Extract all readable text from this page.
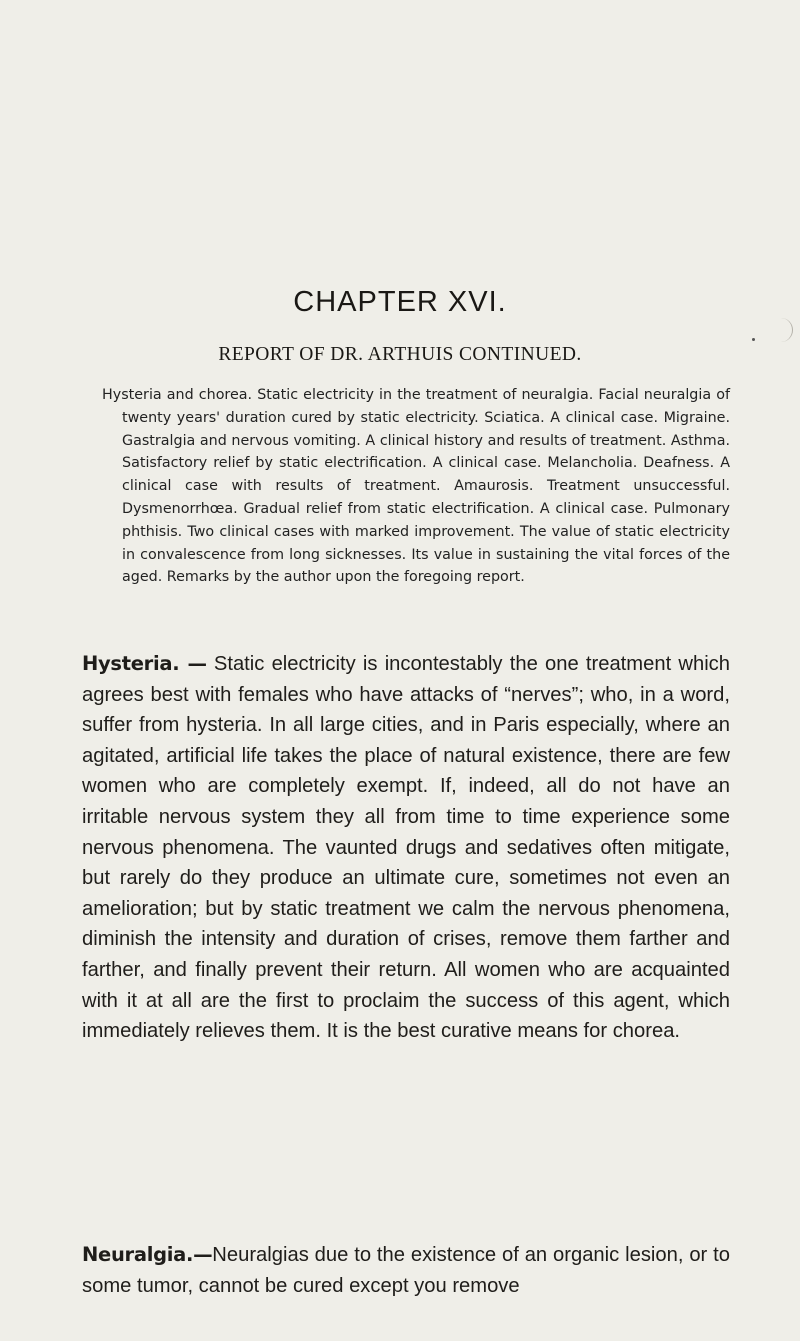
CHAPTER XVI.
REPORT OF DR. ARTHUIS CONTINUED.

Hysteria and chorea. Static electricity in the treatment of neuralgia. Facial neuralgia of twenty years' duration cured by static electricity. Sciatica. A clinical case. Migraine. Gastralgia and nervous vomiting. A clinical history and results of treatment. Asthma. Satisfactory relief by static electrification. A clinical case. Melancholia. Deafness. A clinical case with results of treatment. Amaurosis. Treatment unsuccessful. Dysmenorrhœa. Gradual relief from static electrification. A clinical case. Pulmonary phthisis. Two clinical cases with marked improvement. The value of static electricity in convalescence from long sicknesses. Its value in sustaining the vital forces of the aged. Remarks by the author upon the foregoing report.

Hysteria. — Static electricity is incontestably the one treatment which agrees best with females who have attacks of “nerves”; who, in a word, suffer from hysteria. In all large cities, and in Paris especially, where an agitated, artificial life takes the place of natural existence, there are few women who are completely exempt. If, indeed, all do not have an irritable nervous system they all from time to time experience some nervous phenomena. The vaunted drugs and sedatives often mitigate, but rarely do they produce an ultimate cure, sometimes not even an amelioration; but by static treatment we calm the nervous phenomena, diminish the intensity and duration of crises, remove them farther and farther, and finally prevent their return. All women who are acquainted with it at all are the first to proclaim the success of this agent, which immediately relieves them. It is the best curative means for chorea.

Neuralgia.—Neuralgias due to the existence of an organic lesion, or to some tumor, cannot be cured except you remove
